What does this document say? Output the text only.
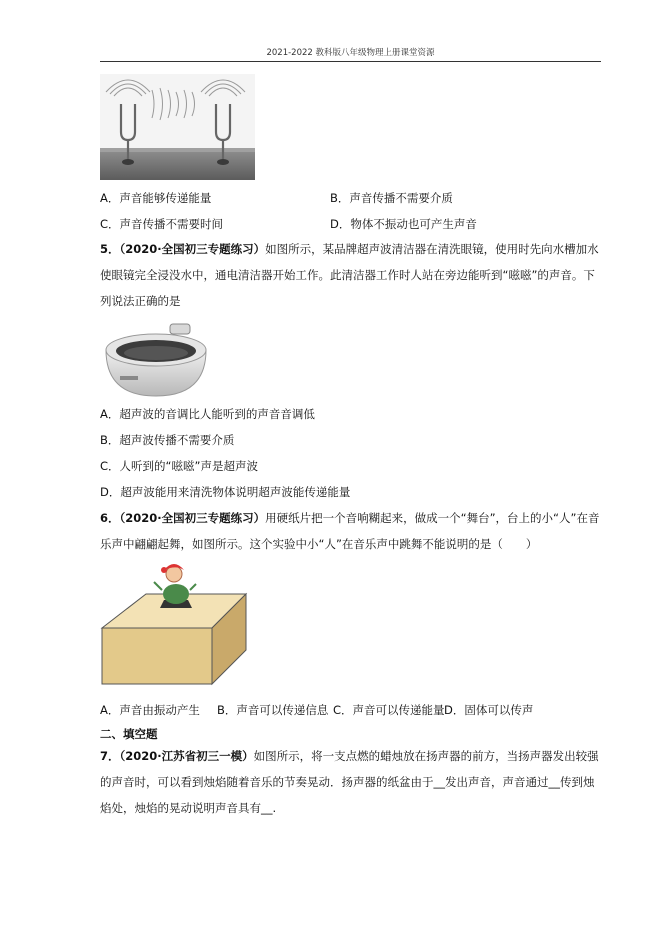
2021-2022 教科版八年级物理上册课堂资源
A．声音能够传递能量	B．声音传播不需要介质
C．声音传播不需要时间	D．物体不振动也可产生声音
5．（2020·全国初三专题练习）如图所示，某品牌超声波清洁器在清洗眼镜，使用时先向水槽加水使眼镜完全浸没水中，通电清洁器开始工作。此清洁器工作时人站在旁边能听到“嗞嗞”的声音。下列说法正确的是
A．超声波的音调比人能听到的声音音调低
B．超声波传播不需要介质
C．人听到的“嗞嗞”声是超声波
D．超声波能用来清洗物体说明超声波能传递能量
6．（2020·全国初三专题练习）用硬纸片把一个音响糊起来，做成一个“舞台”，台上的小“人”在音乐声中翩翩起舞，如图所示。这个实验中小“人”在音乐声中跳舞不能说明的是（　　）
A．声音由振动产生 B．声音可以传递信息 C．声音可以传递能量 D．固体可以传声
二、填空题
7．（2020·江苏省初三一模）如图所示，将一支点燃的蜡烛放在扬声器的前方，当扬声器发出较强的声音时，可以看到烛焰随着音乐的节奏晃动．扬声器的纸盆由于__发出声音，声音通过__传到烛焰处，烛焰的晃动说明声音具有__.
